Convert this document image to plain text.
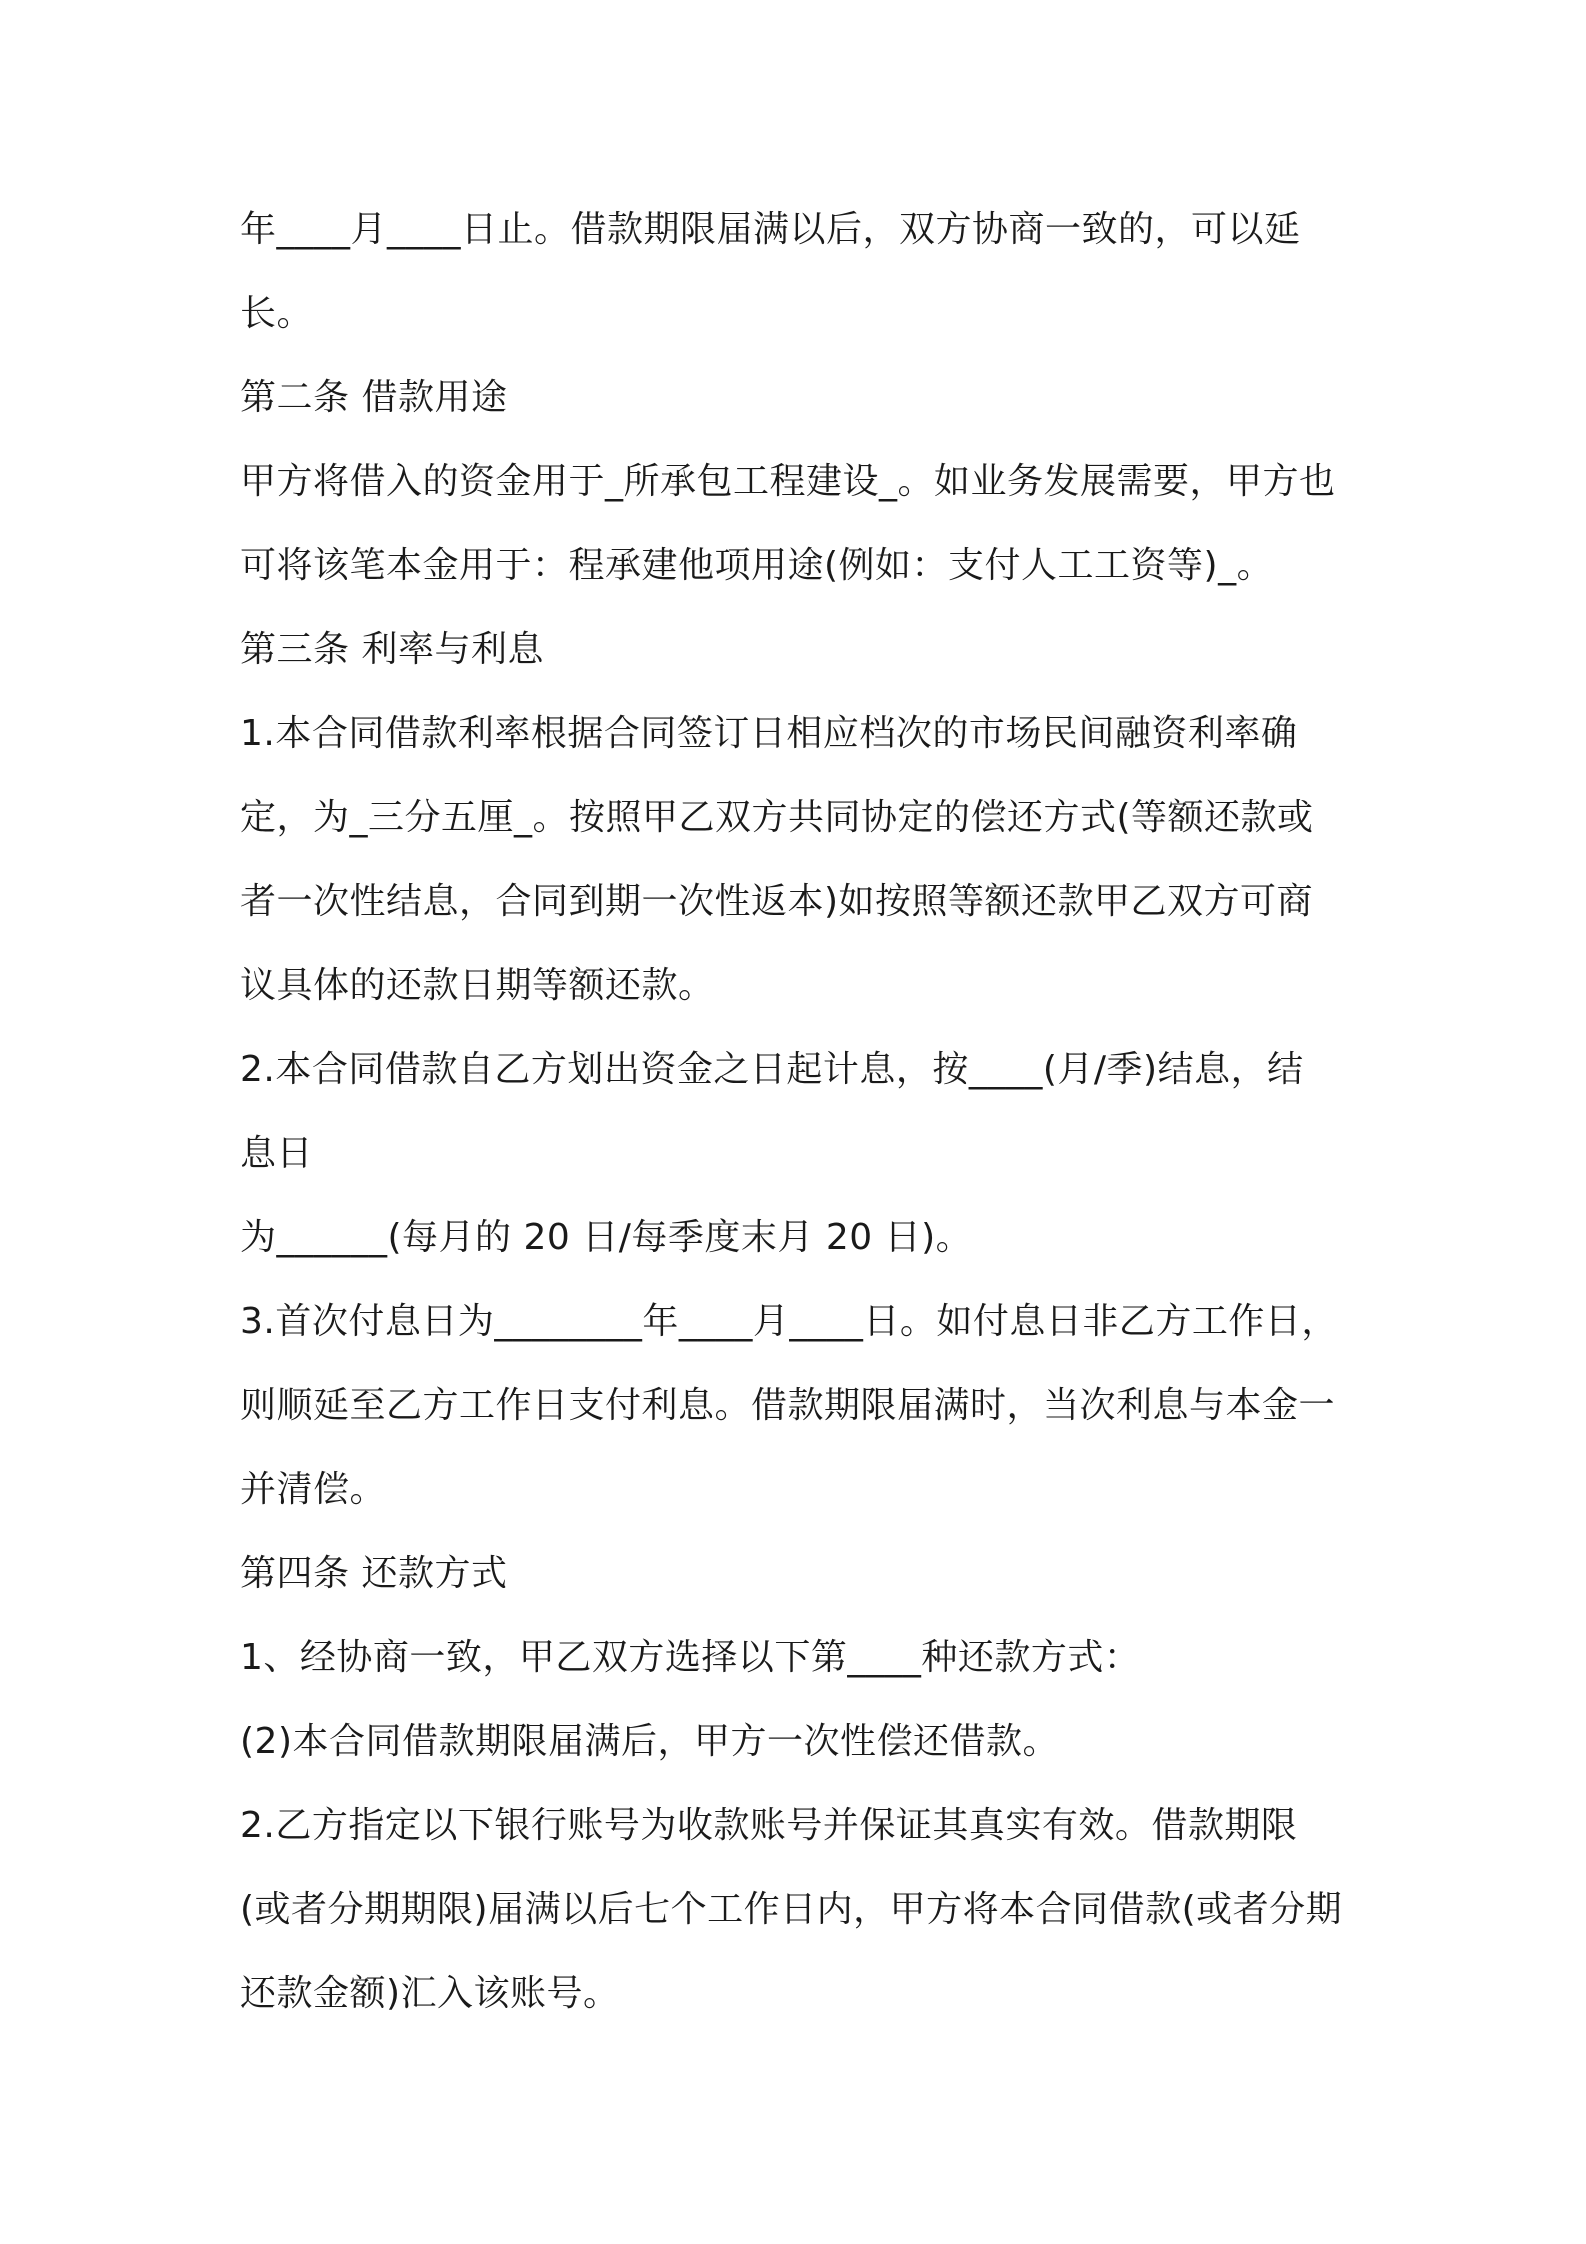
年____月____日止。借款期限届满以后，双方协商一致的，可以延
长。
第二条 借款用途
甲方将借入的资金用于_所承包工程建设_。如业务发展需要，甲方也
可将该笔本金用于：程承建他项用途(例如：支付人工工资等)_。
第三条 利率与利息
1.本合同借款利率根据合同签订日相应档次的市场民间融资利率确
定，为_三分五厘_。按照甲乙双方共同协定的偿还方式(等额还款或
者一次性结息，合同到期一次性返本)如按照等额还款甲乙双方可商
议具体的还款日期等额还款。
2.本合同借款自乙方划出资金之日起计息，按____(月/季)结息，结
息日
为______(每月的 20 日/每季度末月 20 日)。
3.首次付息日为________年____月____日。如付息日非乙方工作日，
则顺延至乙方工作日支付利息。借款期限届满时，当次利息与本金一
并清偿。
第四条 还款方式
1、经协商一致，甲乙双方选择以下第____种还款方式：
(2)本合同借款期限届满后，甲方一次性偿还借款。
2.乙方指定以下银行账号为收款账号并保证其真实有效。借款期限
(或者分期期限)届满以后七个工作日内，甲方将本合同借款(或者分期
还款金额)汇入该账号。
